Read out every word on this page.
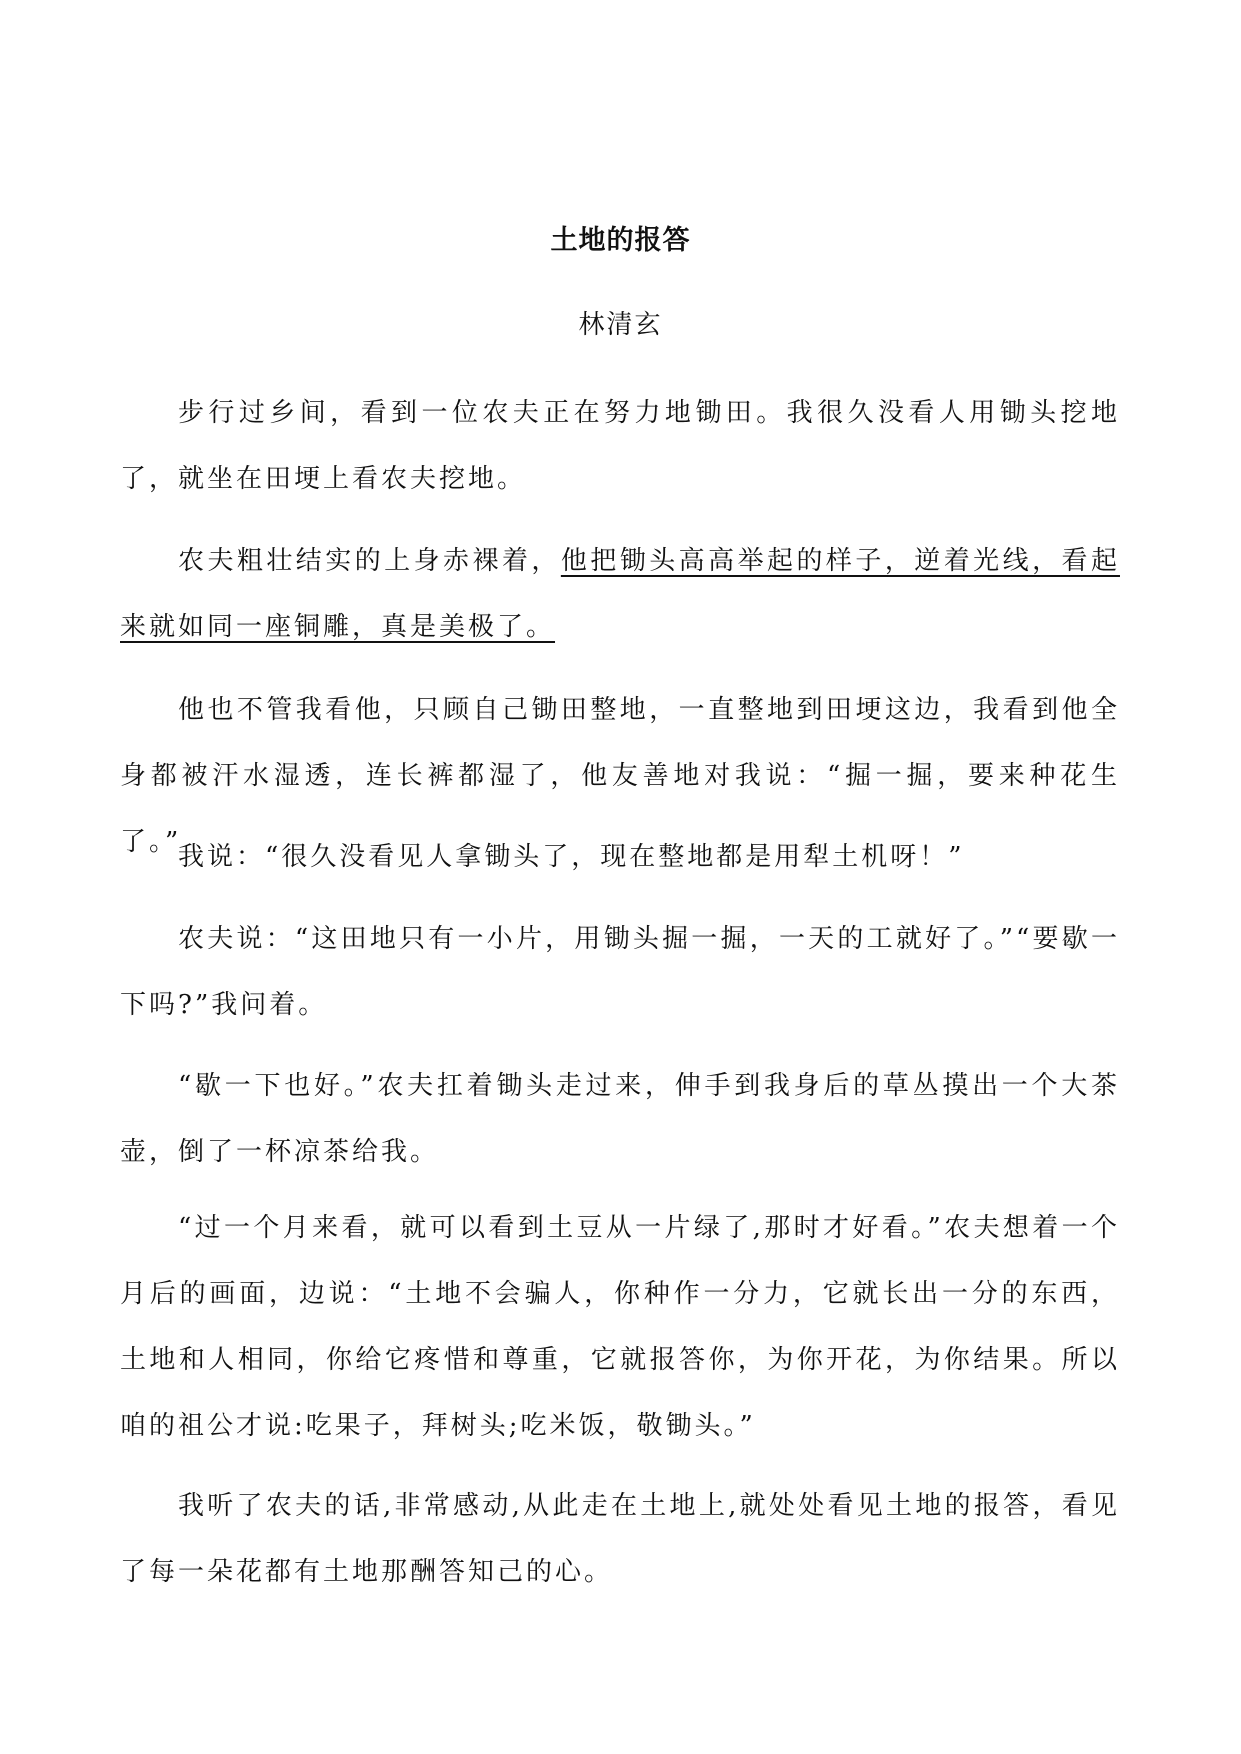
土地的报答
林清玄

步行过乡间，看到一位农夫正在努力地锄田。我很久没看人用锄头挖地了，就坐在田埂上看农夫挖地。

农夫粗壮结实的上身赤裸着，他把锄头高高举起的样子，逆着光线，看起来就如同一座铜雕，真是美极了。

他也不管我看他，只顾自己锄田整地，一直整地到田埂这边，我看到他全身都被汗水湿透，连长裤都湿了，他友善地对我说：“掘一掘，要来种花生了。”

我说：“很久没看见人拿锄头了，现在整地都是用犁土机呀！”

农夫说：“这田地只有一小片，用锄头掘一掘，一天的工就好了。”“要歇一下吗?”我问着。

“歇一下也好。”农夫扛着锄头走过来，伸手到我身后的草丛摸出一个大茶壶，倒了一杯凉茶给我。

“过一个月来看，就可以看到土豆从一片绿了,那时才好看。”农夫想着一个月后的画面，边说：“土地不会骗人，你种作一分力，它就长出一分的东西，土地和人相同，你给它疼惜和尊重，它就报答你，为你开花，为你结果。所以咱的祖公才说:吃果子，拜树头;吃米饭，敬锄头。”

我听了农夫的话,非常感动,从此走在土地上,就处处看见土地的报答，看见了每一朵花都有土地那酬答知己的心。
